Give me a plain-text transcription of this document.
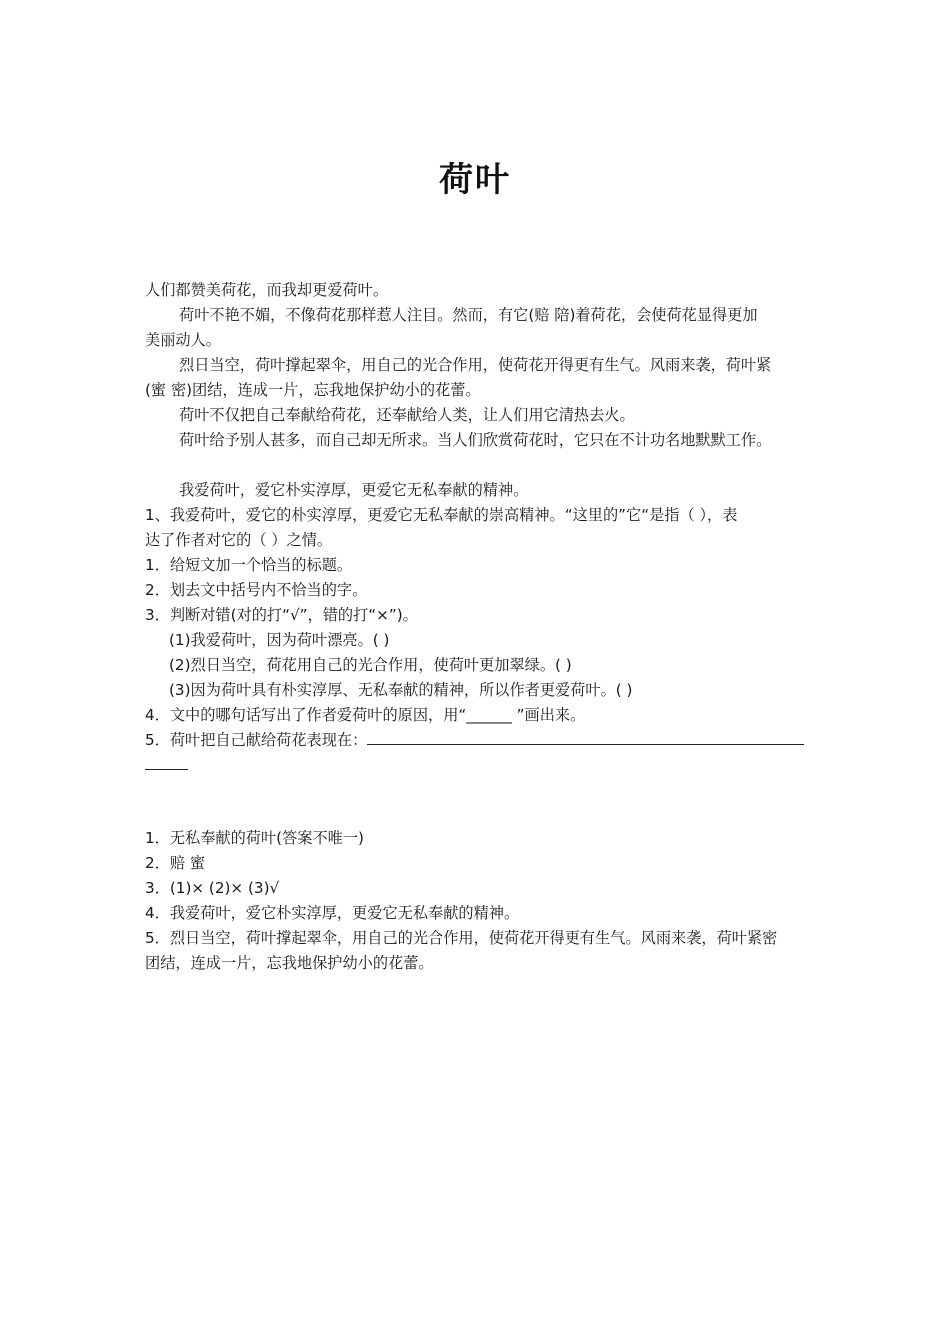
荷叶
人们都赞美荷花，而我却更爱荷叶。
荷叶不艳不媚，不像荷花那样惹人注目。然而，有它(赔 陪)着荷花，会使荷花显得更加
美丽动人。
烈日当空，荷叶撑起翠伞，用自己的光合作用，使荷花开得更有生气。风雨来袭，荷叶紧
(蜜 密)团结，连成一片，忘我地保护幼小的花蕾。
荷叶不仅把自己奉献给荷花，还奉献给人类，让人们用它清热去火。
荷叶给予别人甚多，而自己却无所求。当人们欣赏荷花时，它只在不计功名地默默工作。
我爱荷叶，爱它朴实淳厚，更爱它无私奉献的精神。
1、我爱荷叶，爱它的朴实淳厚，更爱它无私奉献的崇高精神。“这里的”它“是指（ ），表
达了作者对它的（ ）之情。
1．给短文加一个恰当的标题。
2．划去文中括号内不恰当的字。
3．判断对错(对的打“√”，错的打“×”)。
(1)我爱荷叶，因为荷叶漂亮。( )
(2)烈日当空，荷花用自己的光合作用，使荷叶更加翠绿。( )
(3)因为荷叶具有朴实淳厚、无私奉献的精神，所以作者更爱荷叶。( )
4．文中的哪句话写出了作者爱荷叶的原因，用“______ ”画出来。
5．荷叶把自己献给荷花表现在：
1．无私奉献的荷叶(答案不唯一)
2．赔 蜜
3．(1)× (2)× (3)√
4．我爱荷叶，爱它朴实淳厚，更爱它无私奉献的精神。
5．烈日当空，荷叶撑起翠伞，用自己的光合作用，使荷花开得更有生气。风雨来袭，荷叶紧密
团结，连成一片，忘我地保护幼小的花蕾。
